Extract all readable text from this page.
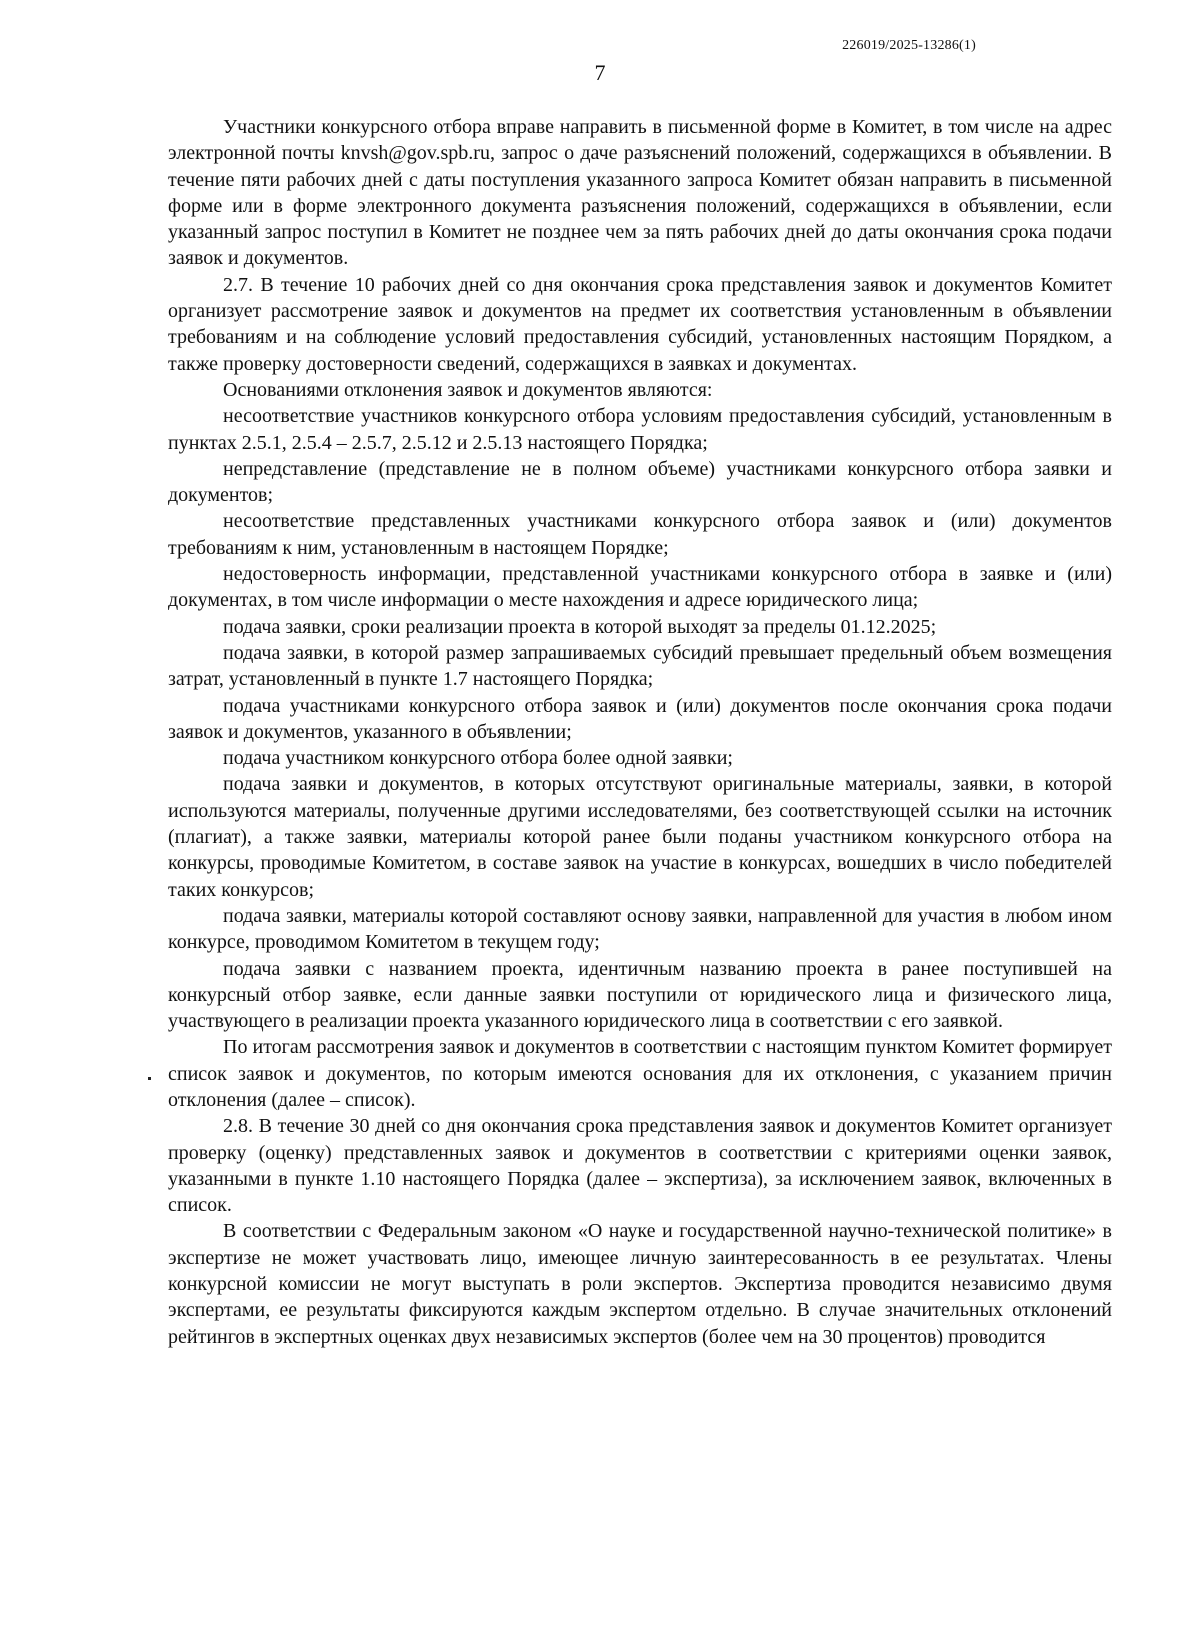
226019/2025-13286(1)
7

Участники конкурсного отбора вправе направить в письменной форме в Комитет, в том числе на адрес электронной почты knvsh@gov.spb.ru, запрос о даче разъяснений положений, содержащихся в объявлении. В течение пяти рабочих дней с даты поступления указанного запроса Комитет обязан направить в письменной форме или в форме электронного документа разъяснения положений, содержащихся в объявлении, если указанный запрос поступил в Комитет не позднее чем за пять рабочих дней до даты окончания срока подачи заявок и документов.

2.7. В течение 10 рабочих дней со дня окончания срока представления заявок и документов Комитет организует рассмотрение заявок и документов на предмет их соответствия установленным в объявлении требованиям и на соблюдение условий предоставления субсидий, установленных настоящим Порядком, а также проверку достоверности сведений, содержащихся в заявках и документах.

Основаниями отклонения заявок и документов являются:

несоответствие участников конкурсного отбора условиям предоставления субсидий, установленным в пунктах 2.5.1, 2.5.4 – 2.5.7, 2.5.12 и 2.5.13 настоящего Порядка;

непредставление (представление не в полном объеме) участниками конкурсного отбора заявки и документов;

несоответствие представленных участниками конкурсного отбора заявок и (или) документов требованиям к ним, установленным в настоящем Порядке;

недостоверность информации, представленной участниками конкурсного отбора в заявке и (или) документах, в том числе информации о месте нахождения и адресе юридического лица;

подача заявки, сроки реализации проекта в которой выходят за пределы 01.12.2025;

подача заявки, в которой размер запрашиваемых субсидий превышает предельный объем возмещения затрат, установленный в пункте 1.7 настоящего Порядка;

подача участниками конкурсного отбора заявок и (или) документов после окончания срока подачи заявок и документов, указанного в объявлении;

подача участником конкурсного отбора более одной заявки;

подача заявки и документов, в которых отсутствуют оригинальные материалы, заявки, в которой используются материалы, полученные другими исследователями, без соответствующей ссылки на источник (плагиат), а также заявки, материалы которой ранее были поданы участником конкурсного отбора на конкурсы, проводимые Комитетом, в составе заявок на участие в конкурсах, вошедших в число победителей таких конкурсов;

подача заявки, материалы которой составляют основу заявки, направленной для участия в любом ином конкурсе, проводимом Комитетом в текущем году;

подача заявки с названием проекта, идентичным названию проекта в ранее поступившей на конкурсный отбор заявке, если данные заявки поступили от юридического лица и физического лица, участвующего в реализации проекта указанного юридического лица в соответствии с его заявкой.

По итогам рассмотрения заявок и документов в соответствии с настоящим пунктом Комитет формирует список заявок и документов, по которым имеются основания для их отклонения, с указанием причин отклонения (далее – список).

2.8. В течение 30 дней со дня окончания срока представления заявок и документов Комитет организует проверку (оценку) представленных заявок и документов в соответствии с критериями оценки заявок, указанными в пункте 1.10 настоящего Порядка (далее – экспертиза), за исключением заявок, включенных в список.

В соответствии с Федеральным законом «О науке и государственной научно-технической политике» в экспертизе не может участвовать лицо, имеющее личную заинтересованность в ее результатах. Члены конкурсной комиссии не могут выступать в роли экспертов. Экспертиза проводится независимо двумя экспертами, ее результаты фиксируются каждым экспертом отдельно. В случае значительных отклонений рейтингов в экспертных оценках двух независимых экспертов (более чем на 30 процентов) проводится
